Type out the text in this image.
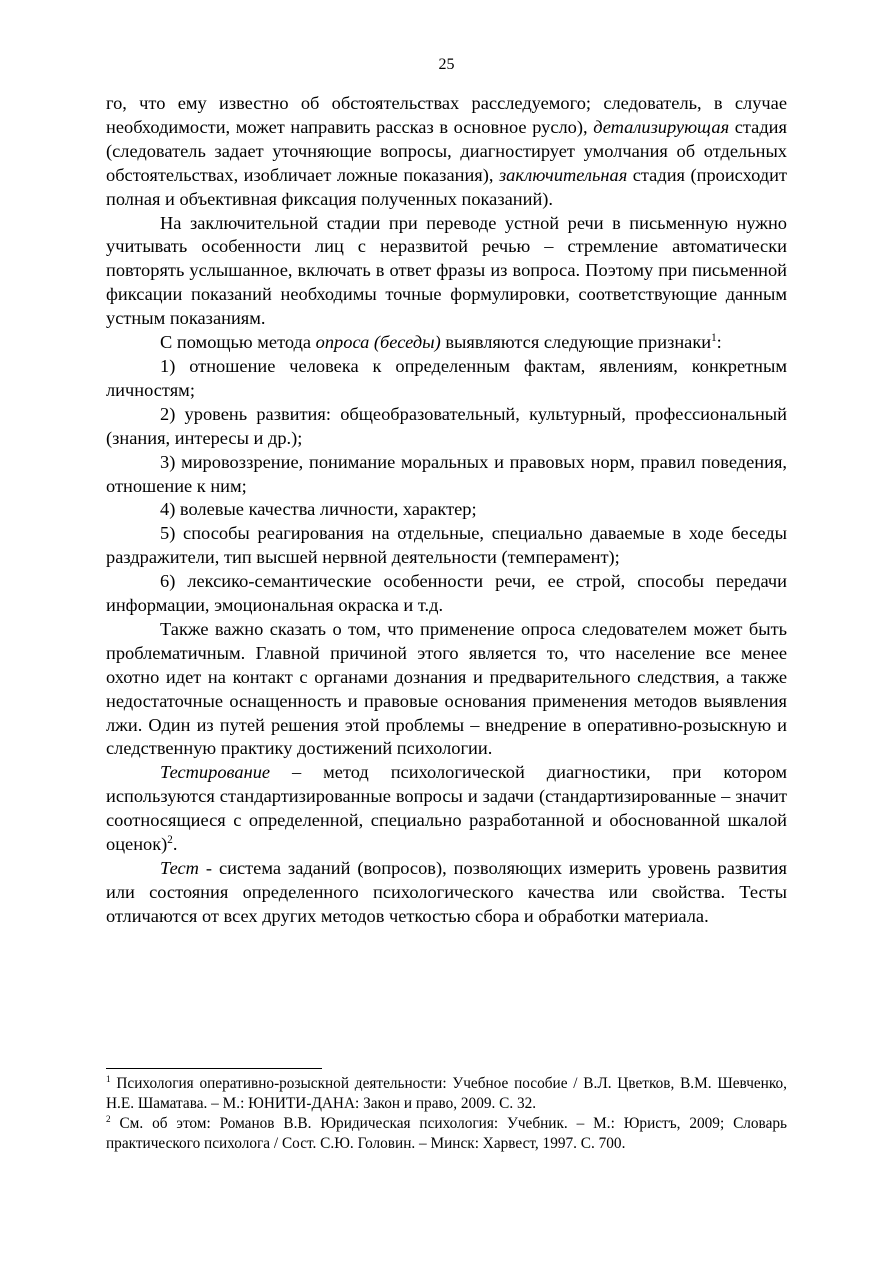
25

го, что ему известно об обстоятельствах расследуемого; следователь, в случае необходимости, может направить рассказ в основное русло), детализирующая стадия (следователь задает уточняющие вопросы, диагностирует умолчания об отдельных обстоятельствах, изобличает ложные показания), заключительная стадия (происходит полная и объективная фиксация полученных показаний).

На заключительной стадии при переводе устной речи в письменную нужно учитывать особенности лиц с неразвитой речью – стремление автоматически повторять услышанное, включать в ответ фразы из вопроса. Поэтому при письменной фиксации показаний необходимы точные формулировки, соответствующие данным устным показаниям.

С помощью метода опроса (беседы) выявляются следующие признаки$^1$:

1) отношение человека к определенным фактам, явлениям, конкретным личностям;

2) уровень развития: общеобразовательный, культурный, профессиональный (знания, интересы и др.);

3) мировоззрение, понимание моральных и правовых норм, правил поведения, отношение к ним;

4) волевые качества личности, характер;

5) способы реагирования на отдельные, специально даваемые в ходе беседы раздражители, тип высшей нервной деятельности (темперамент);

6) лексико-семантические особенности речи, ее строй, способы передачи информации, эмоциональная окраска и т.д.

Также важно сказать о том, что применение опроса следователем может быть проблематичным. Главной причиной этого является то, что население все менее охотно идет на контакт с органами дознания и предварительного следствия, а также недостаточные оснащенность и правовые основания применения методов выявления лжи. Один из путей решения этой проблемы – внедрение в оперативно-розыскную и следственную практику достижений психологии.

Тестирование – метод психологической диагностики, при котором используются стандартизированные вопросы и задачи (стандартизированные – значит соотносящиеся с определенной, специально разработанной и обоснованной шкалой оценок)$^2$.

Тест - система заданий (вопросов), позволяющих измерить уровень развития или состояния определенного психологического качества или свойства. Тесты отличаются от всех других методов четкостью сбора и обработки материала.

$^1$ Психология оперативно-розыскной деятельности: Учебное пособие / В.Л. Цветков, В.М. Шевченко, Н.Е. Шаматава. – М.: ЮНИТИ-ДАНА: Закон и право, 2009. С. 32.

$^2$ См. об этом: Романов В.В. Юридическая психология: Учебник. – М.: Юристъ, 2009; Словарь практического психолога / Сост. С.Ю. Головин. – Минск: Харвест, 1997. С. 700.
